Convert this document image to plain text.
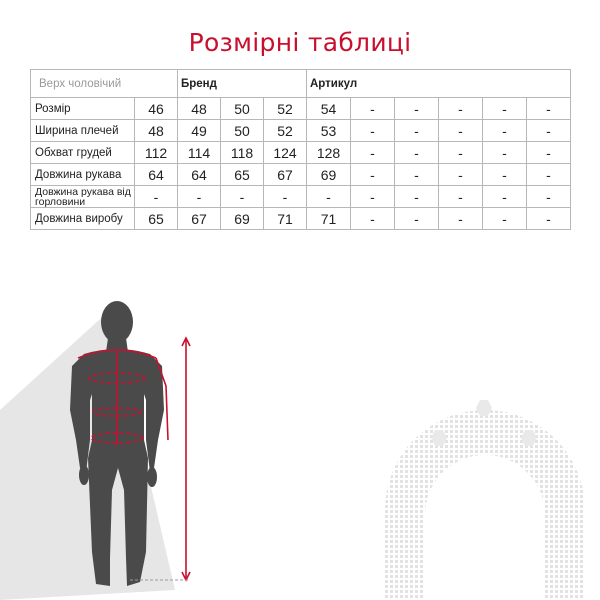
Розмірні таблиці
Верх чоловічий		Бренд			Артикул					
Розмір	46	48	50	52	54	-	-	-	-	-
Ширина плечей	48	49	50	52	53	-	-	-	-	-
Обхват грудей	112	114	118	124	128	-	-	-	-	-
Довжина рукава	64	64	65	67	69	-	-	-	-	-
Довжина рукава від горловини	-	-	-	-	-	-	-	-	-	-
Довжина виробу	65	67	69	71	71	-	-	-	-	-
